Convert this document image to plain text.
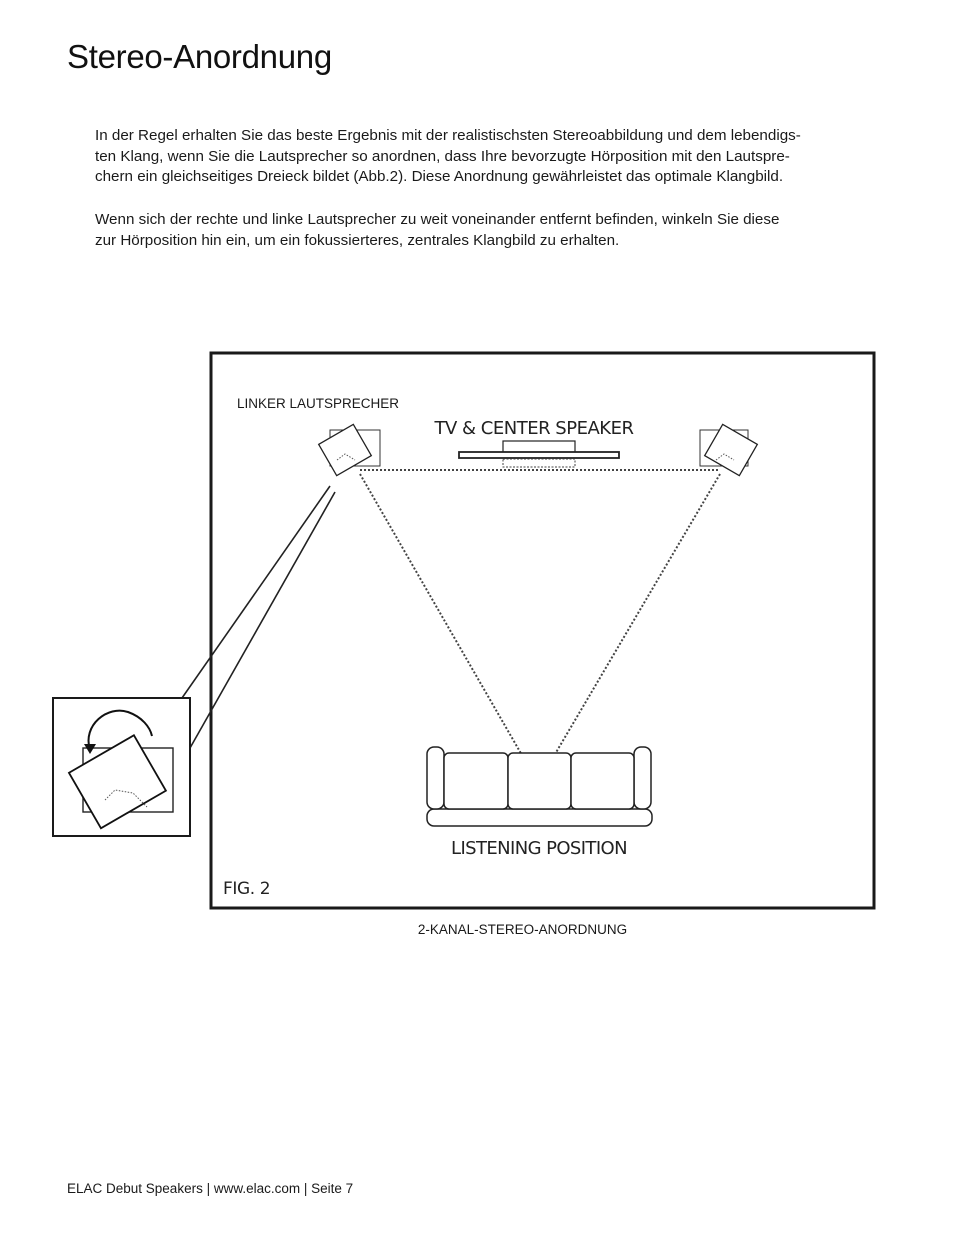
Stereo-Anordnung
In der Regel erhalten Sie das beste Ergebnis mit der realistischsten Stereoabbildung und dem lebendigs-
ten Klang, wenn Sie die Lautsprecher so anordnen, dass Ihre bevorzugte Hörposition mit den Lautspre-
chern ein gleichseitiges Dreieck bildet (Abb.2). Diese Anordnung gewährleistet das optimale Klangbild.
Wenn sich der rechte und linke Lautsprecher zu weit voneinander entfernt befinden, winkeln Sie diese
zur Hörposition hin ein, um ein fokussierteres, zentrales Klangbild zu erhalten.
LINKER LAUTSPRECHER
TV & CENTER SPEAKER
LISTENING POSITION
FIG. 2
2-KANAL-STEREO-ANORDNUNG
ELAC Debut Speakers | www.elac.com | Seite 7
